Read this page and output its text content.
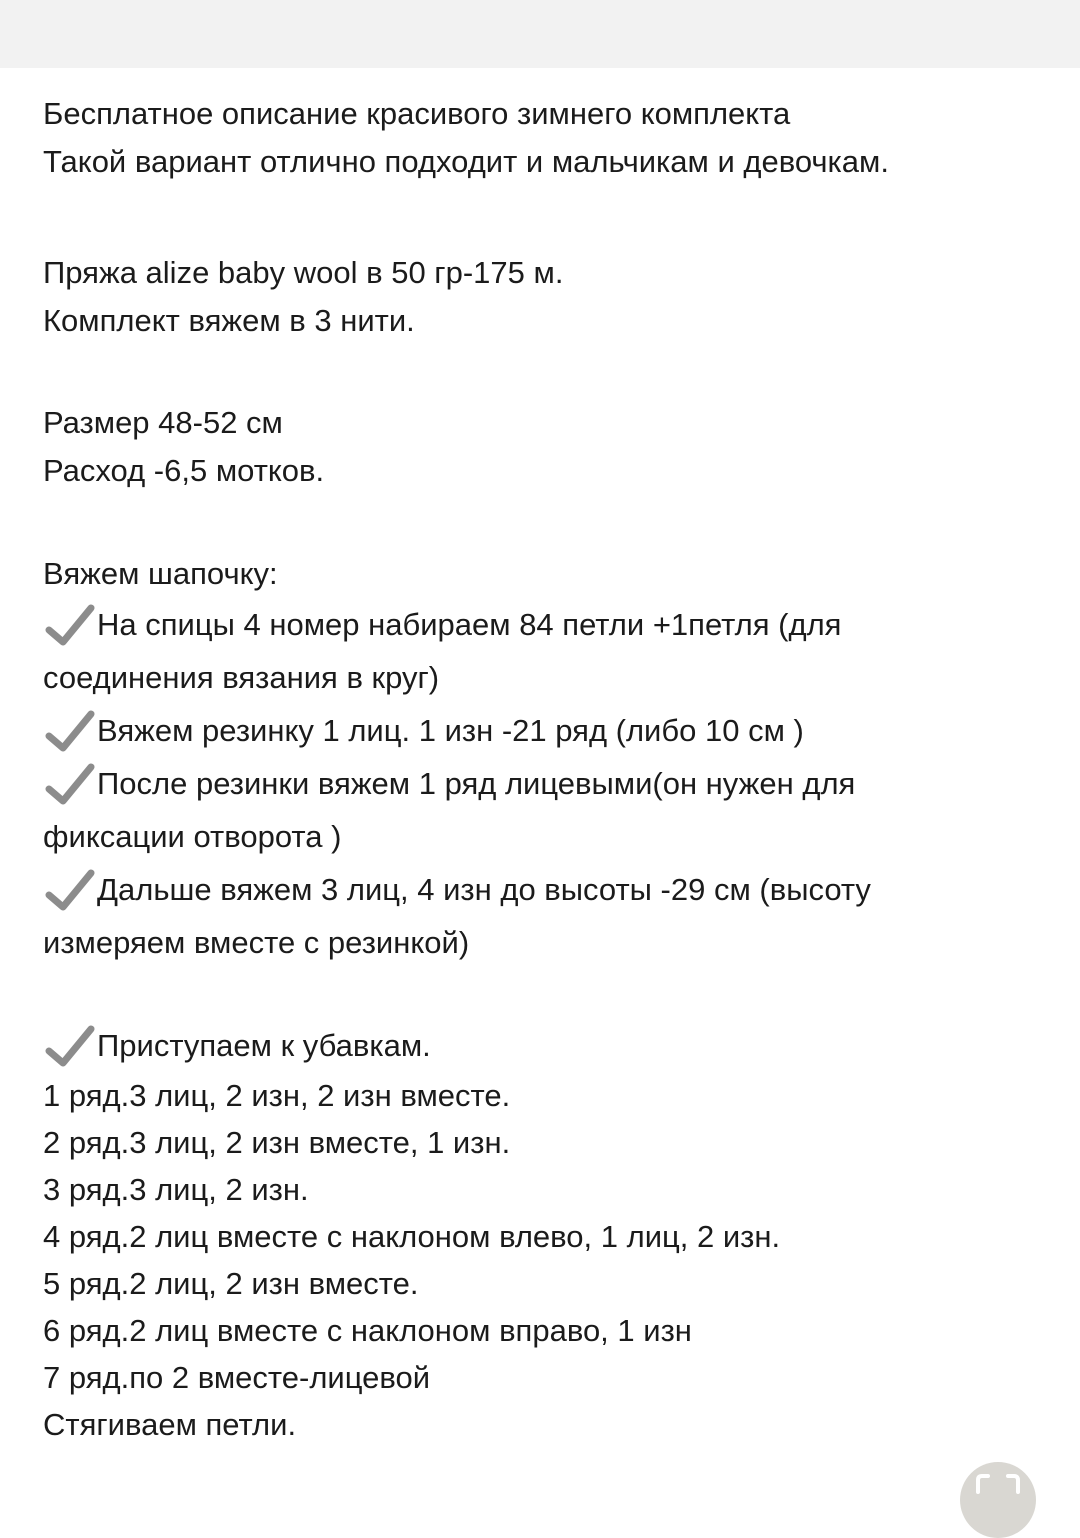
Бесплатное описание красивого зимнего комплекта
Такой вариант отлично подходит и мальчикам и девочкам.
Пряжа alize baby wool в 50 гр-175 м.
Комплект вяжем в 3 нити.
Размер 48-52 см
Расход -6,5 мотков.
Вяжем шапочку:
На спицы 4 номер набираем 84 петли +1петля (для
соединения вязания в круг)
Вяжем резинку 1 лиц. 1 изн -21 ряд (либо 10 см )
После резинки вяжем 1 ряд лицевыми(он нужен для
фиксации отворота )
Дальше вяжем 3 лиц, 4 изн до высоты -29 см (высоту
измеряем вместе с резинкой)
Приступаем к убавкам.
1 ряд.3 лиц, 2 изн, 2 изн вместе.
2 ряд.3 лиц, 2 изн вместе, 1 изн.
3 ряд.3 лиц, 2 изн.
4 ряд.2 лиц вместе с наклоном влево, 1 лиц, 2 изн.
5 ряд.2 лиц, 2 изн вместе.
6 ряд.2 лиц вместе с наклоном вправо, 1 изн
7 ряд.по 2 вместе-лицевой
Стягиваем петли.
